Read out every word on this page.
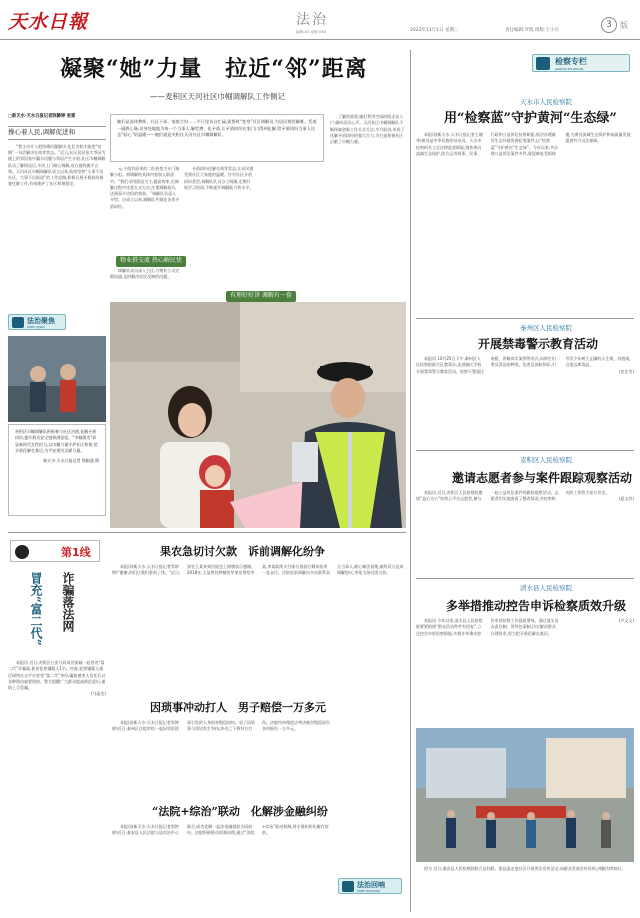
天水日報	法治
编辑:XX 组版:XXX	2023年11月1日 星期三	责任编辑:罗瑞 组版:王小兵
3	版
凝聚“她”力量　拉近“邻”距离
——麦积区天河社区巾帼调解队工作侧记
她们是退休教师、社区干部、家庭主妇……平日里各自忙碌,需要时“变身”社区调解员,为居民排忧解难。凭着一副热心肠,设身处地地为每一个当事人,解疙瘩、化矛盾,让矛盾纠纷在家门口得到化解,给矛盾纠纷当事人送去“贴心”的温暖——她们就是麦积区天河社区巾帼调解队。
□新天水·天水日报记者陈静婷 张雷
操心着人民,调解促进和

“我主动介入把结婚问题解决,化危为机才能把“结婚”一句话解决在萌芽状态。”近日,社区居民张大爷因为楼上的邻居家中漏水问题与邻居产生矛盾,社区巾帼调解队员了解情况后,多次上门耐心调解,双方最终握手言和。天河社区巾帼调解队成立以来,始终坚持“小事不出社区、大事不出街道”的工作思路,积极开展矛盾纠纷排查化解工作,有效维护了社区和谐稳定。

元,小组有原来的二队转变为专门调解小组。将调解的具体内容加入职责中。“我们采用面谈为主,提高效率,在调解过程中注重方式方法,注重调解技巧,达到事半功倍的效果。”调解队负责人介绍。自成立以来,调解队共调处各类矛盾纠纷。

物业搭交流 热心解民忧

调解队成员深入小区,与物业公司定期沟通,及时解决居民反映的问题。

矛盾纠纷化解在萌芽状态,让居民感受到社区大家庭的温暖。针对社区矛盾纠纷类型,调解队队员分工明确,定期开展学习培训,不断提升调解能力和水平。

有理好好讲 调解有一套

了解的需要,她们利用空闲时间走访入户,倾听居民心声。天河社区巾帼调解队不断探索创新工作方式方法,多方联动,形成了化解矛盾纠纷的强大合力,为打造和谐社区贡献了巾帼力量。

法治聚焦
FAZHI JUJIAO
麦积区巾帼调解队积极参与社区治理,化解矛盾纠纷,提升群众安全感和满意度。“巾帼建功”彰显新时代女性担当,以巾帼力量守护社区和谐,把矛盾化解在基层,为平安建设贡献力量。
新天水·天水日报记者 徐颖通 摄
第1线
冒充“富二代” 诈骗落法网

本报讯 近日,麦积区公安分局成功侦破一起冒充“富二代”诈骗案,抓获犯罪嫌疑人1名。经查,犯罪嫌疑人通过网络社交平台冒充“富二代”身份,骗取被害人信任后以各种理由索要钱财。警方提醒广大群众提高防范意识,谨防上当受骗。

(马晶龙)
果农急切讨欠款　诉前调解化纷争

本报讯(新天水·天水日报记者窦婷婷)“谢谢,你们让我们拿到了钱。”近日,果农王某来到法院送上锦旗表示感谢。2018年,王某将其种植的苹果出售给李某,李某陆续支付部分货款后剩余款项一直未付。法院诉前调解员多次联系双方当事人,耐心释法说理,最终双方达成调解协议,李某当场付清欠款。

因琐事冲动打人　男子赔偿一万多元

本报讯(新天水·天水日报记者窦婷婷)近日,秦州区法院审结一起因邻里琐事引发的人身损害赔偿纠纷。男子因琐事与邻居发生争执,冲动之下将对方打伤。法院经审理依法判决被告赔偿原告各项损失一万多元。

“法院+综治”联动　化解涉金融纠纷

本报讯(新天水·天水日报记者窦婷婷)近日,秦安县人民法院与县综治中心联合,成功化解一起涉金融借款合同纠纷。法院积极推动诉源治理,通过“法院+综治”联动机制,将矛盾纠纷化解在诉前。

法治回响
FAZHI HUIXIANG
检察专栏
JIANCHA ZHUANLAN
天水市人民检察院
用“检察蓝”守护黄河“生态绿”

本报讯(新天水·天水日报记者王晓华)黄河是中华民族的母亲河。天水市检察机关立足法律监督职能,聚焦黄河流域生态保护,综合运用刑事、民事、行政和公益诉讼检察职能,依法办理破坏生态环境资源犯罪案件,以“检察蓝”守护黄河“生态绿”。今年以来,共办理公益诉讼案件多件,督促修复受损林地,为黄河流域生态保护和高质量发展提供有力司法保障。

秦州区人民检察院
开展禁毒警示教育活动

本报讯 10月25日下午,秦州区人民检察院联合区禁毒办,走进辖区学校开展禁毒警示教育活动。检察干警通过展板、讲解真实案例等形式,向师生们普及毒品的种类、危害及预防知识,引导青少年树立正确的人生观、价值观,自觉远离毒品。

(史艺芙)
麦积区人民检察院
邀请志愿者参与案件跟踪观察活动

本报讯 近日,麦积区人民检察院邀请“益心为公”检察云平台志愿者,参与一起公益诉讼案件的跟踪观察活动。志愿者们实地查看了整改情况,对检察机关的工作给予充分肯定。

(夏文苏)
清水县人民检察院
多举措推动控告申诉检察质效升级

本报讯 今年以来,清水县人民检察院紧紧围绕“群众信访件件有回复”,立足控告申诉检察职能,多措并举推动控告申诉检察工作提质增效。通过落实首办责任制、领导包案制,切实解决群众合理诉求,努力把矛盾化解在基层。

(卢文文)

图为 近日,秦安县人民检察院联合县妇联、团县委走进社区开展普法宣传活动,向群众发放宣传资料,讲解法律知识。
